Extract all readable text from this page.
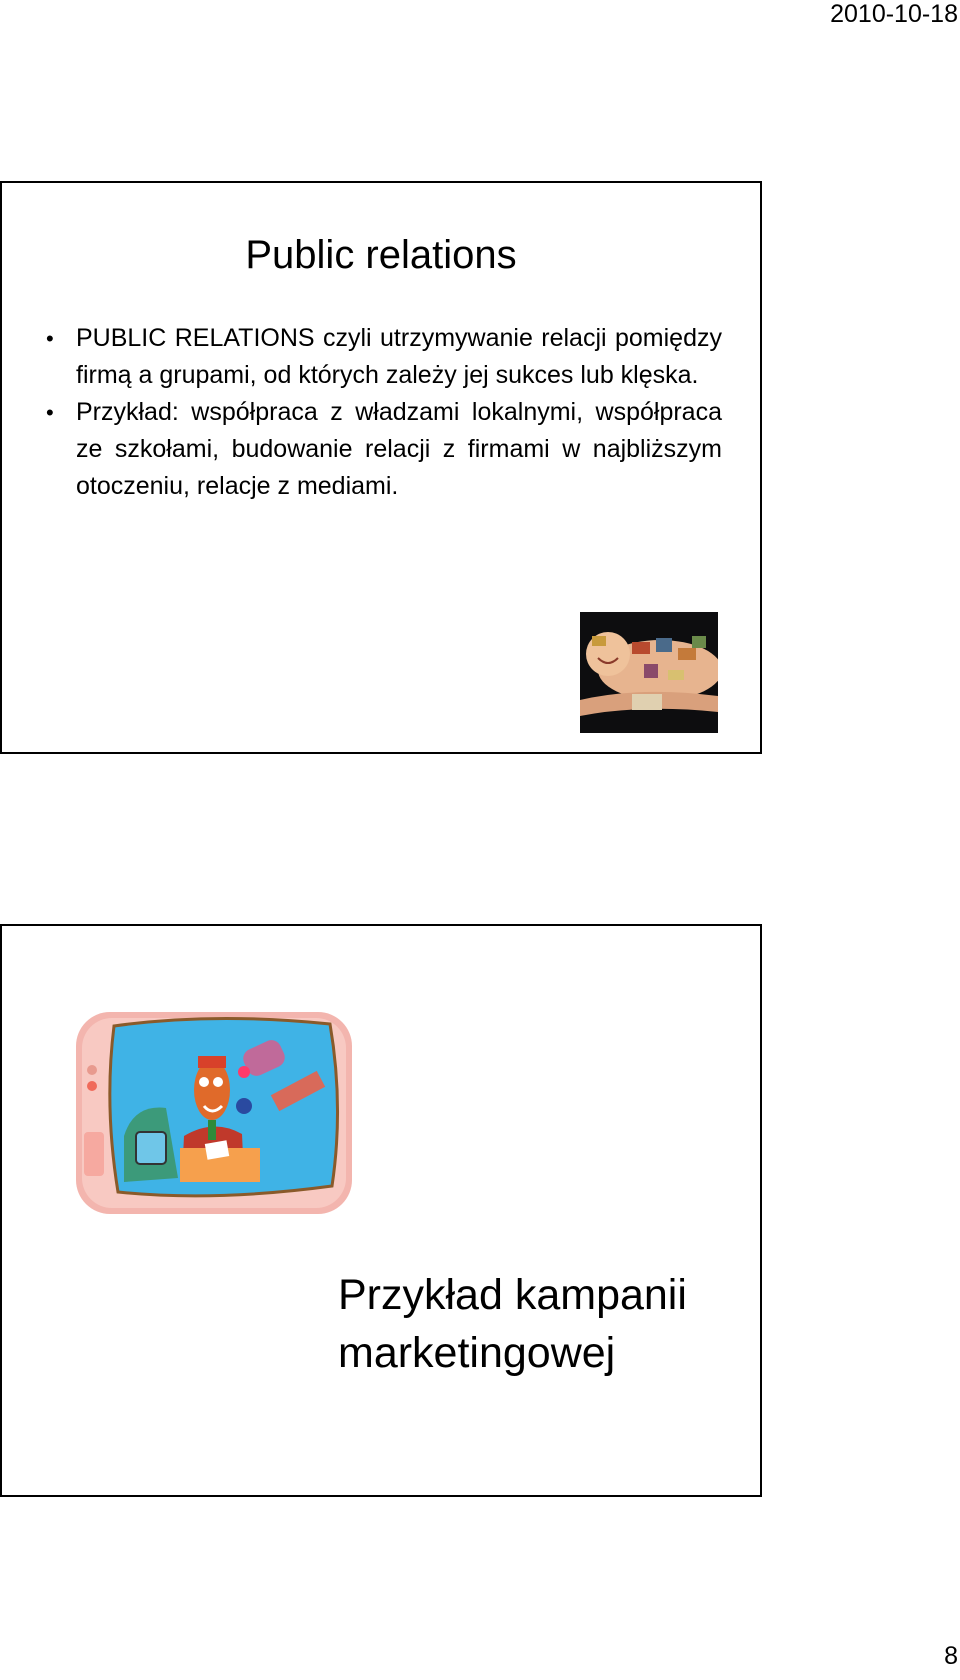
2010-10-18
Public relations
• PUBLIC RELATIONS czyli utrzymywanie relacji pomiędzy firmą a grupami, od których zależy jej sukces lub klęska.
• Przykład: współpraca z władzami lokalnymi, współpraca ze szkołami, budowanie relacji z firmami w najbliższym otoczeniu, relacje z mediami.
Przykład kampanii
marketingowej
8
